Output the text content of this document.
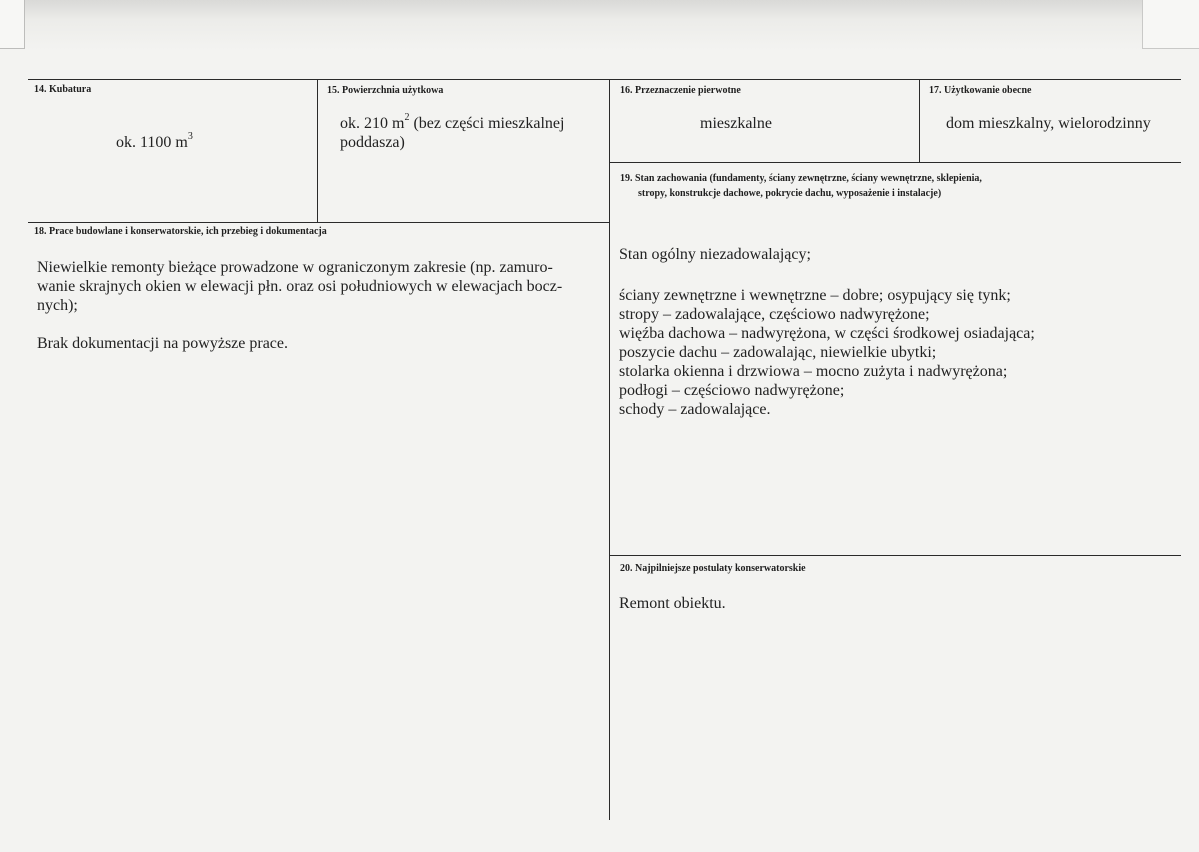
14. Kubatura
ok. 1100 $m^3$
15. Powierzchnia użytkowa
ok. 210 $m^2$ (bez części mieszkalnej
poddasza)
16. Przeznaczenie pierwotne
mieszkalne
17. Użytkowanie obecne
dom mieszkalny, wielorodzinny
19. Stan zachowania (fundamenty, ściany zewnętrzne, ściany wewnętrzne, sklepienia,
stropy, konstrukcje dachowe, pokrycie dachu, wyposażenie i instalacje)
Stan ogólny niezadowalający;
ściany zewnętrzne i wewnętrzne – dobre; osypujący się tynk;
stropy – zadowalające, częściowo nadwyrężone;
więźba dachowa – nadwyrężona, w części środkowej osiadająca;
poszycie dachu – zadowalając, niewielkie ubytki;
stolarka okienna i drzwiowa – mocno zużyta i nadwyrężona;
podłogi – częściowo nadwyrężone;
schody – zadowalające.
18. Prace budowlane i konserwatorskie, ich przebieg i dokumentacja
Niewielkie remonty bieżące prowadzone w ograniczonym zakresie (np. zamuro-
wanie skrajnych okien w elewacji płn. oraz osi południowych w elewacjach bocz-
nych);
Brak dokumentacji na powyższe prace.
20. Najpilniejsze postulaty konserwatorskie
Remont obiektu.
